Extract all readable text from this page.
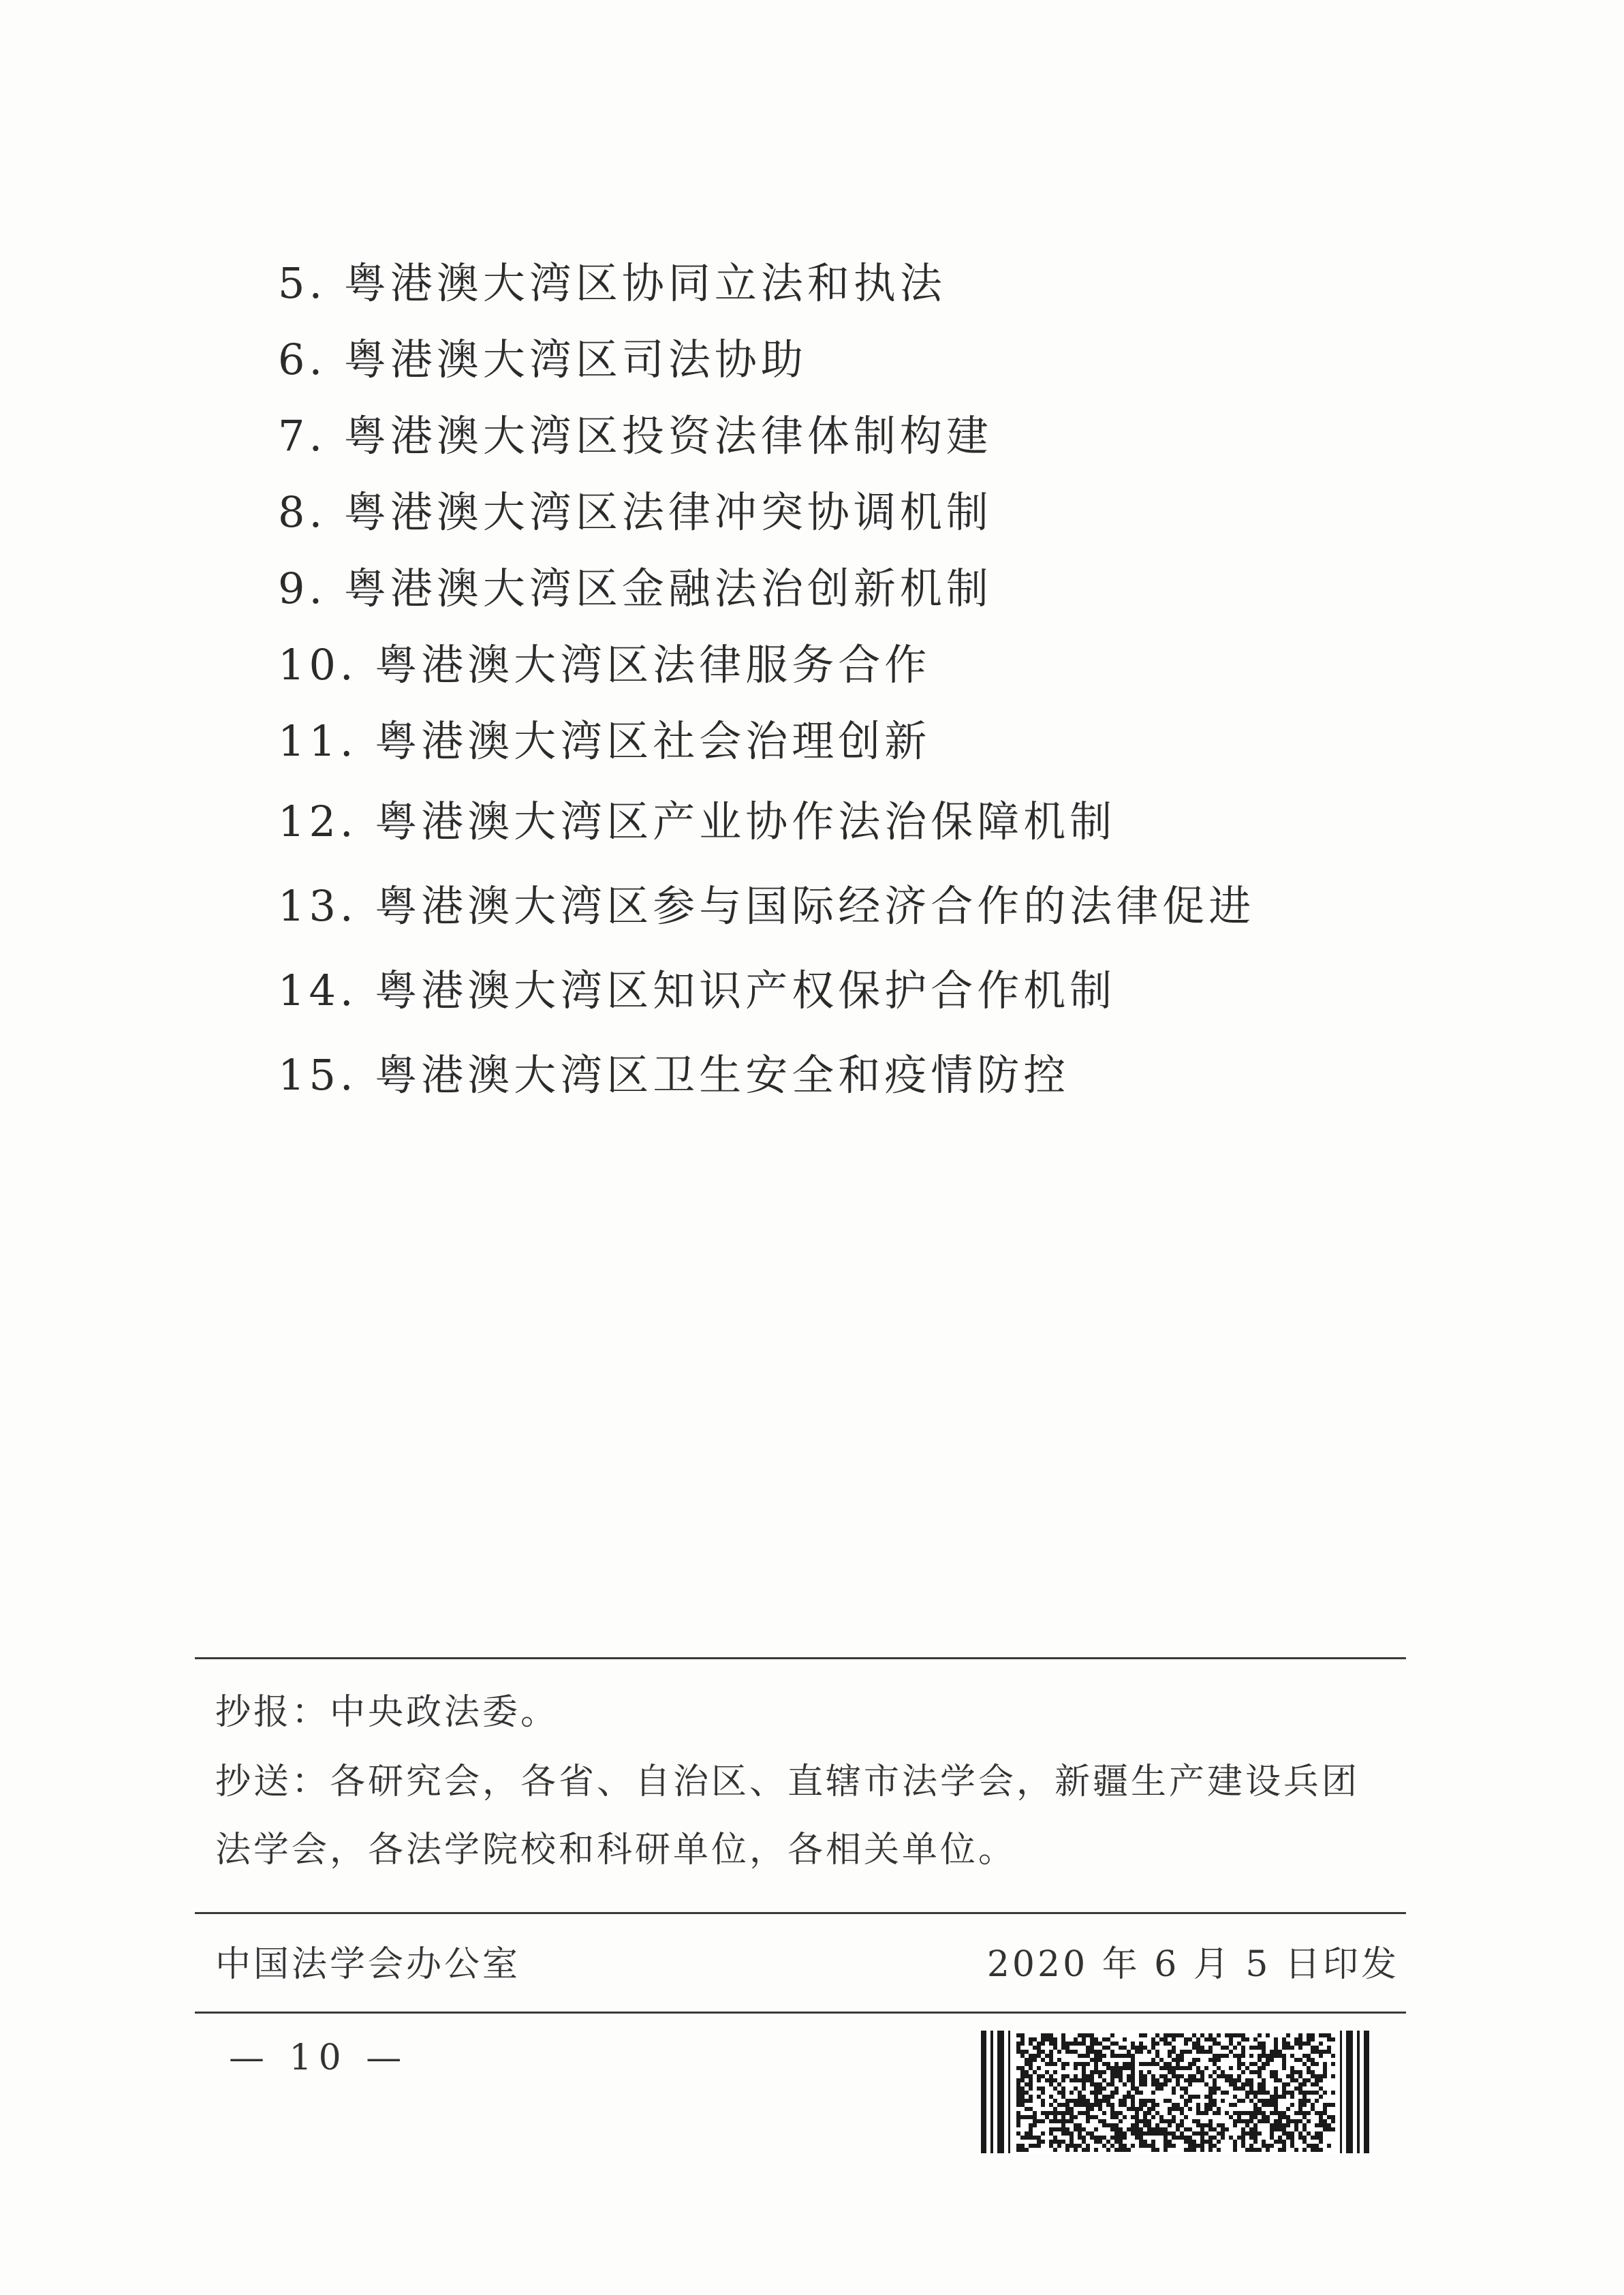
5. 粤港澳大湾区协同立法和执法
6. 粤港澳大湾区司法协助
7. 粤港澳大湾区投资法律体制构建
8. 粤港澳大湾区法律冲突协调机制
9. 粤港澳大湾区金融法治创新机制
10. 粤港澳大湾区法律服务合作
11. 粤港澳大湾区社会治理创新
12. 粤港澳大湾区产业协作法治保障机制
13. 粤港澳大湾区参与国际经济合作的法律促进
14. 粤港澳大湾区知识产权保护合作机制
15. 粤港澳大湾区卫生安全和疫情防控
抄报：中央政法委。
抄送：各研究会，各省、自治区、直辖市法学会，新疆生产建设兵团
法学会，各法学院校和科研单位，各相关单位。
中国法学会办公室	2020 年 6 月 5 日印发
— 10 —
